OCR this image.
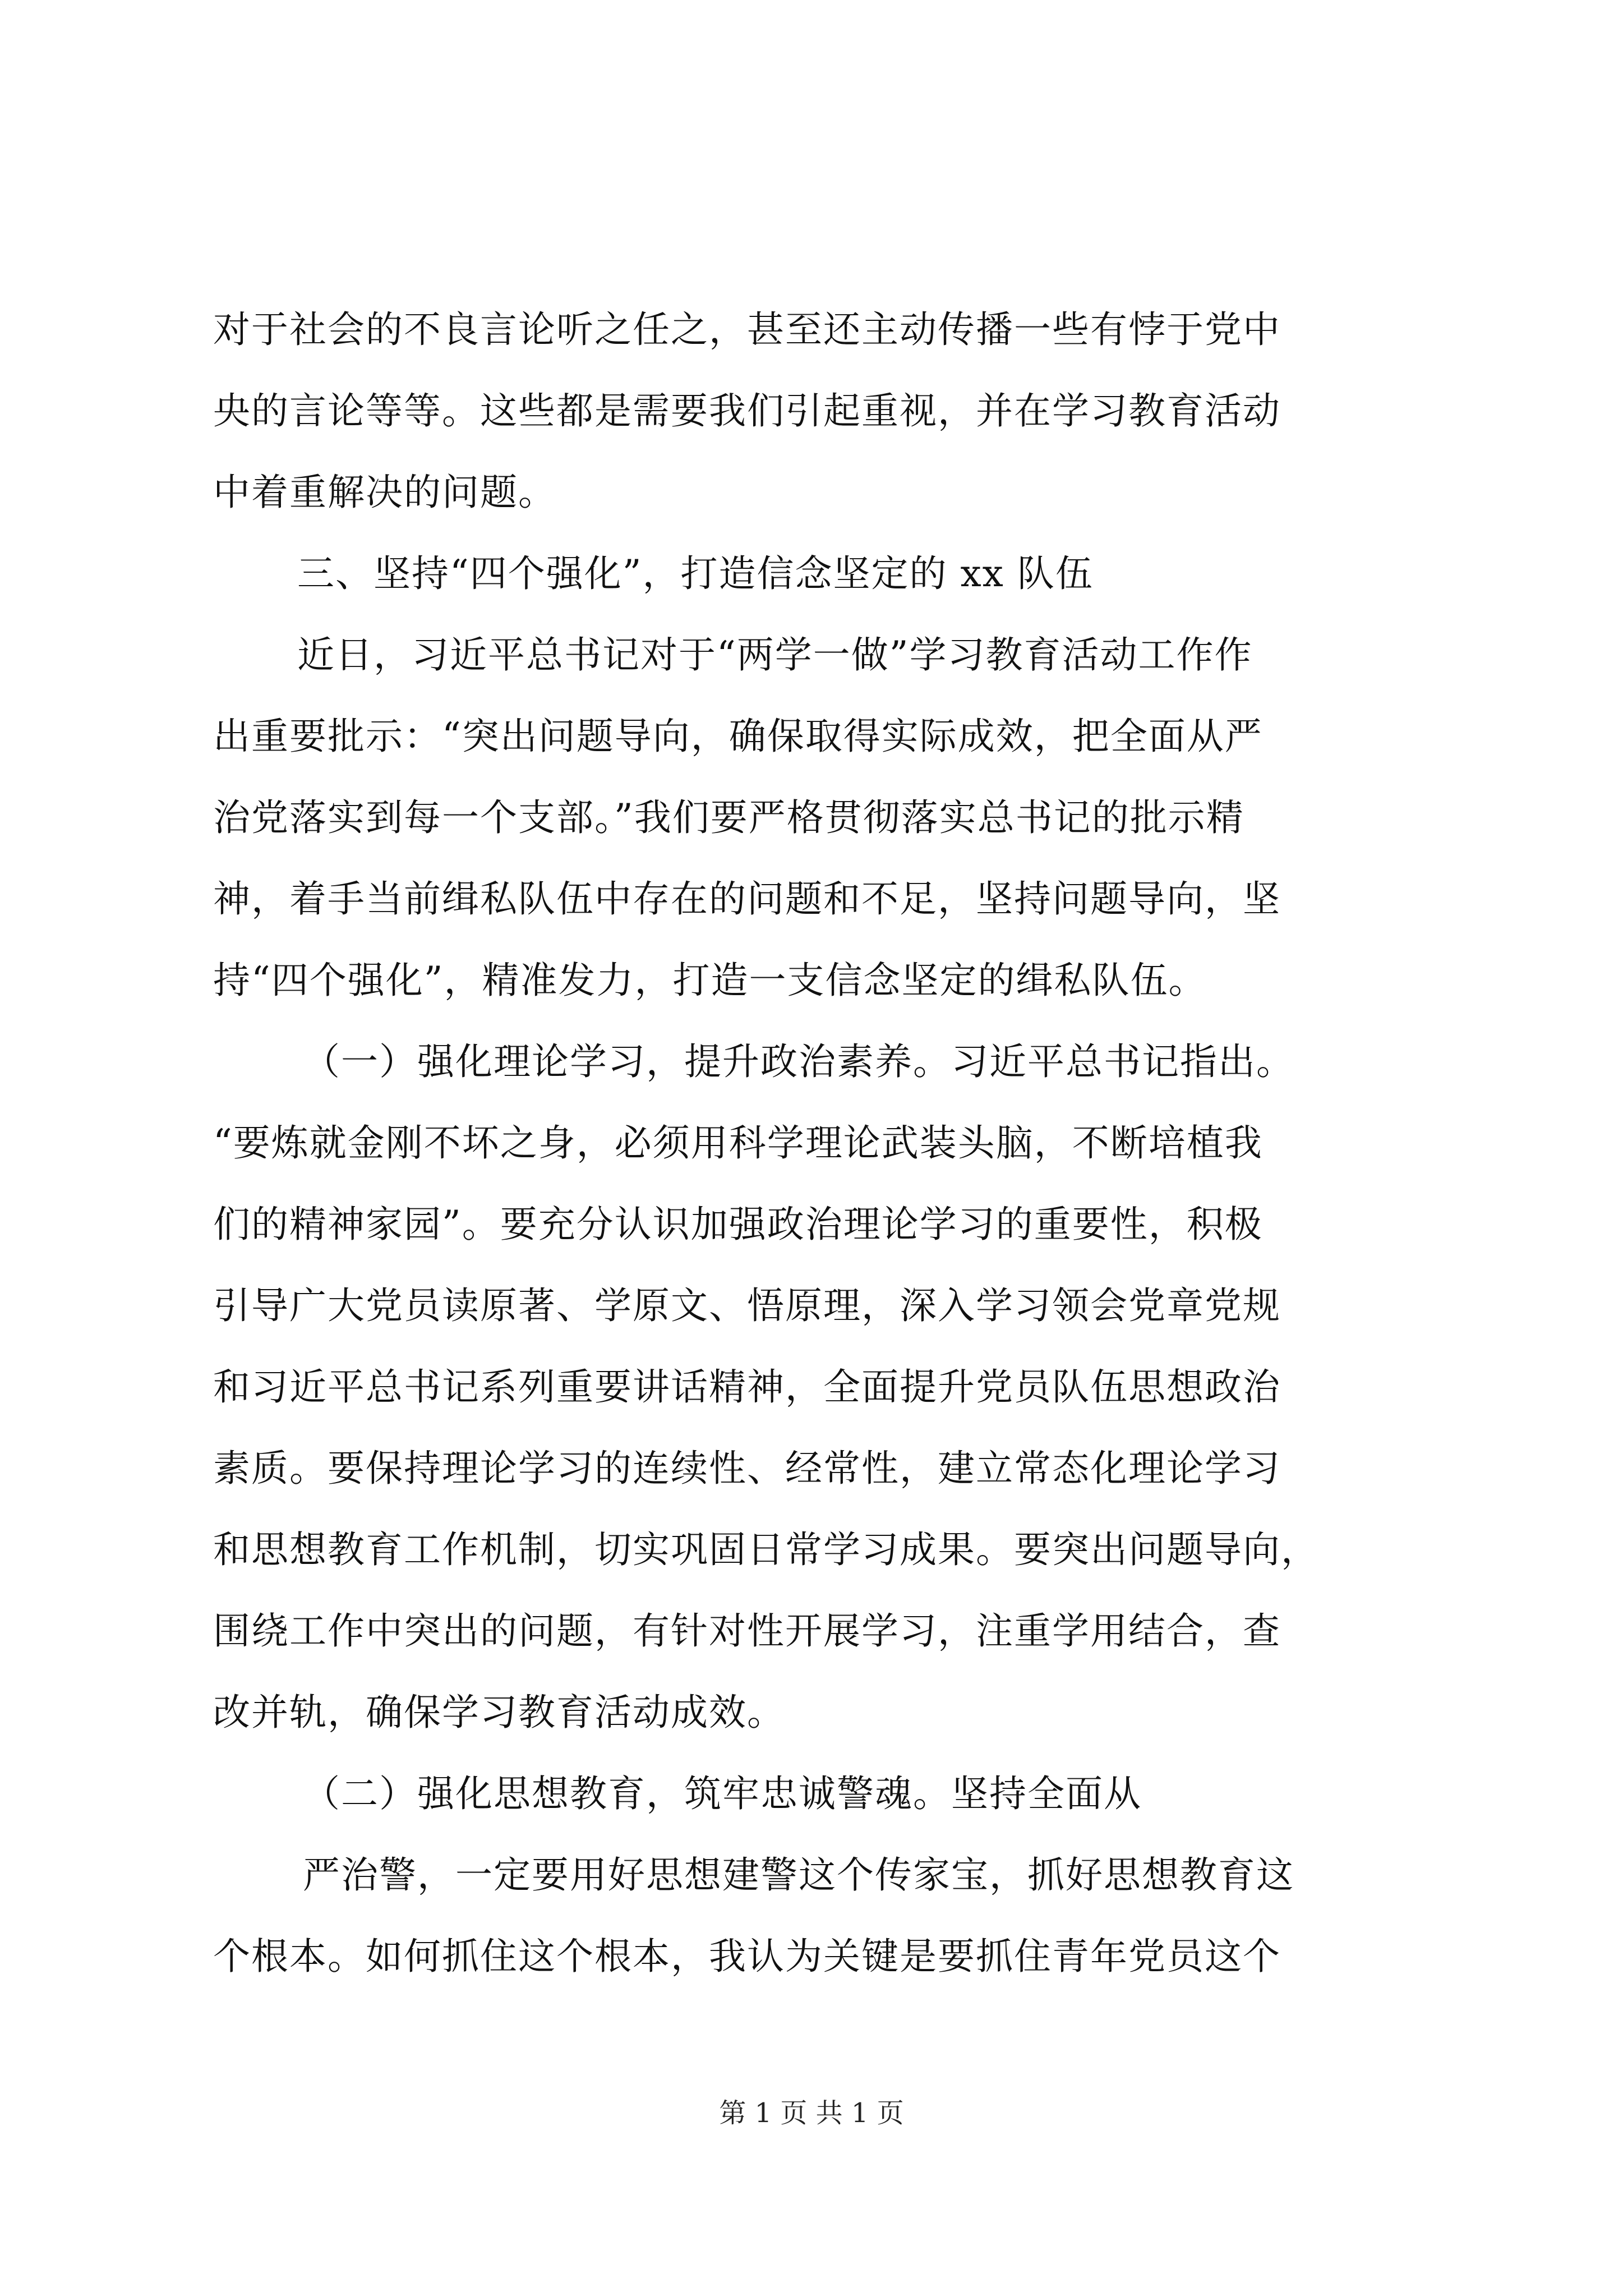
对于社会的不良言论听之任之，甚至还主动传播一些有悖于党中
央的言论等等。这些都是需要我们引起重视，并在学习教育活动
中着重解决的问题。
三、坚持“四个强化”，打造信念坚定的 xx 队伍
近日，习近平总书记对于“两学一做”学习教育活动工作作
出重要批示：“突出问题导向，确保取得实际成效，把全面从严
治党落实到每一个支部。”我们要严格贯彻落实总书记的批示精
神，着手当前缉私队伍中存在的问题和不足，坚持问题导向，坚
持“四个强化”，精准发力，打造一支信念坚定的缉私队伍。
（一）强化理论学习，提升政治素养。习近平总书记指出。
“要炼就金刚不坏之身，必须用科学理论武装头脑，不断培植我
们的精神家园”。要充分认识加强政治理论学习的重要性，积极
引导广大党员读原著、学原文、悟原理，深入学习领会党章党规
和习近平总书记系列重要讲话精神，全面提升党员队伍思想政治
素质。要保持理论学习的连续性、经常性，建立常态化理论学习
和思想教育工作机制，切实巩固日常学习成果。要突出问题导向，
围绕工作中突出的问题，有针对性开展学习，注重学用结合，查
改并轨，确保学习教育活动成效。
（二）强化思想教育，筑牢忠诚警魂。坚持全面从
严治警，一定要用好思想建警这个传家宝，抓好思想教育这
个根本。如何抓住这个根本，我认为关键是要抓住青年党员这个
第 1 页 共 1 页
